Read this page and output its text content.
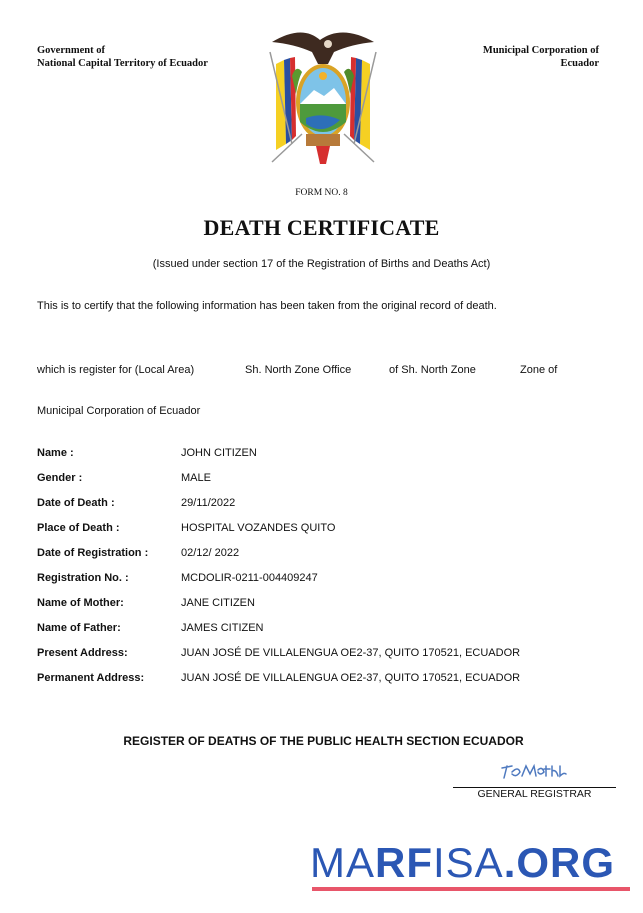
Government of
National Capital Territory of Ecuador
Municipal Corporation of
Ecuador
FORM NO. 8
DEATH CERTIFICATE
(Issued under section 17 of the Registration of Births and Deaths Act)
This is to certify that the following information has been taken from the original record of death.
which is register for (Local Area)	Sh. North Zone Office	of Sh. North Zone	Zone of
Municipal Corporation of Ecuador
Name :	JOHN CITIZEN
Gender :	MALE
Date of Death :	29/11/2022
Place of Death :	HOSPITAL VOZANDES QUITO
Date of Registration :	02/12/ 2022
Registration No. :	MCDOLIR-0211-004409247
Name of Mother:	JANE CITIZEN
Name of Father:	JAMES CITIZEN
Present Address:	JUAN JOSÉ DE VILLALENGUA OE2-37, QUITO 170521, ECUADOR
Permanent Address:	JUAN JOSÉ DE VILLALENGUA OE2-37, QUITO 170521, ECUADOR
REGISTER OF DEATHS OF THE PUBLIC HEALTH SECTION ECUADOR
GENERAL REGISTRAR
MARFISA.ORG
